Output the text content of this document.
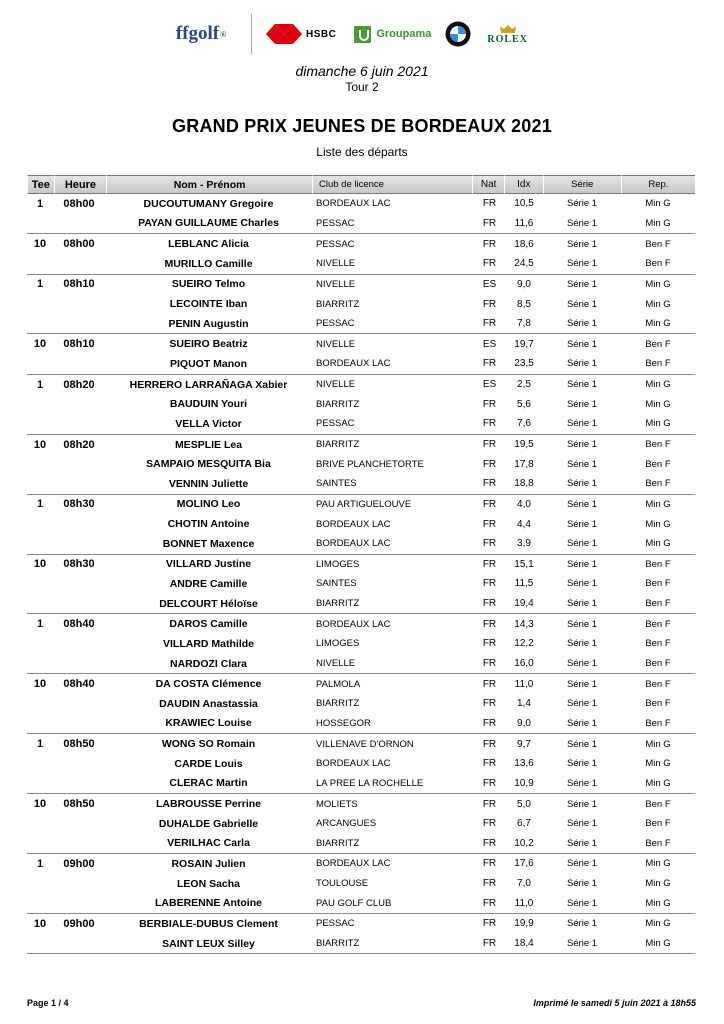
ffgolf ®	HSBC	Groupama	ROLEX
dimanche 6 juin 2021
Tour 2
GRAND PRIX JEUNES DE BORDEAUX 2021
Liste des départs
Tee	Heure	Nom - Prénom	Club de licence	Nat	Idx	Série	Rep.
1	08h00	DUCOUTUMANY Gregoire	BORDEAUX LAC	FR	10,5	Série 1	Min G
PAYAN GUILLAUME Charles	PESSAC	FR	11,6	Série 1	Min G
10	08h00	LEBLANC Alicia	PESSAC	FR	18,6	Série 1	Ben F
MURILLO Camille	NIVELLE	FR	24,5	Série 1	Ben F
1	08h10	SUEIRO Telmo	NIVELLE	ES	9,0	Série 1	Min G
LECOINTE Iban	BIARRITZ	FR	8,5	Série 1	Min G
PENIN Augustin	PESSAC	FR	7,8	Série 1	Min G
10	08h10	SUEIRO Beatriz	NIVELLE	ES	19,7	Série 1	Ben F
PIQUOT Manon	BORDEAUX LAC	FR	23,5	Série 1	Ben F
1	08h20	HERRERO LARRAÑAGA Xabier	NIVELLE	ES	2,5	Série 1	Min G
BAUDUIN Youri	BIARRITZ	FR	5,6	Série 1	Min G
VELLA Victor	PESSAC	FR	7,6	Série 1	Min G
10	08h20	MESPLIE Lea	BIARRITZ	FR	19,5	Série 1	Ben F
SAMPAIO MESQUITA Bia	BRIVE PLANCHETORTE	FR	17,8	Série 1	Ben F
VENNIN Juliette	SAINTES	FR	18,8	Série 1	Ben F
1	08h30	MOLINO Leo	PAU ARTIGUELOUVE	FR	4,0	Série 1	Min G
CHOTIN Antoine	BORDEAUX LAC	FR	4,4	Série 1	Min G
BONNET Maxence	BORDEAUX LAC	FR	3,9	Série 1	Min G
10	08h30	VILLARD Justine	LIMOGES	FR	15,1	Série 1	Ben F
ANDRE Camille	SAINTES	FR	11,5	Série 1	Ben F
DELCOURT Héloïse	BIARRITZ	FR	19,4	Série 1	Ben F
1	08h40	DAROS Camille	BORDEAUX LAC	FR	14,3	Série 1	Ben F
VILLARD Mathilde	LIMOGES	FR	12,2	Série 1	Ben F
NARDOZI Clara	NIVELLE	FR	16,0	Série 1	Ben F
10	08h40	DA COSTA Clémence	PALMOLA	FR	11,0	Série 1	Ben F
DAUDIN Anastassia	BIARRITZ	FR	1,4	Série 1	Ben F
KRAWIEC Louise	HOSSEGOR	FR	9,0	Série 1	Ben F
1	08h50	WONG SO Romain	VILLENAVE D'ORNON	FR	9,7	Série 1	Min G
CARDE Louis	BORDEAUX LAC	FR	13,6	Série 1	Min G
CLERAC Martin	LA PREE LA ROCHELLE	FR	10,9	Série 1	Min G
10	08h50	LABROUSSE Perrine	MOLIETS	FR	5,0	Série 1	Ben F
DUHALDE Gabrielle	ARCANGUES	FR	6,7	Série 1	Ben F
VERILHAC Carla	BIARRITZ	FR	10,2	Série 1	Ben F
1	09h00	ROSAIN Julien	BORDEAUX LAC	FR	17,6	Série 1	Min G
LEON Sacha	TOULOUSE	FR	7,0	Série 1	Min G
LABERENNE Antoine	PAU GOLF CLUB	FR	11,0	Série 1	Min G
10	09h00	BERBIALE-DUBUS Clement	PESSAC	FR	19,9	Série 1	Min G
SAINT LEUX Silley	BIARRITZ	FR	18,4	Série 1	Min G
Page 1 / 4	Imprimé le samedi 5 juin 2021 à 18h55
